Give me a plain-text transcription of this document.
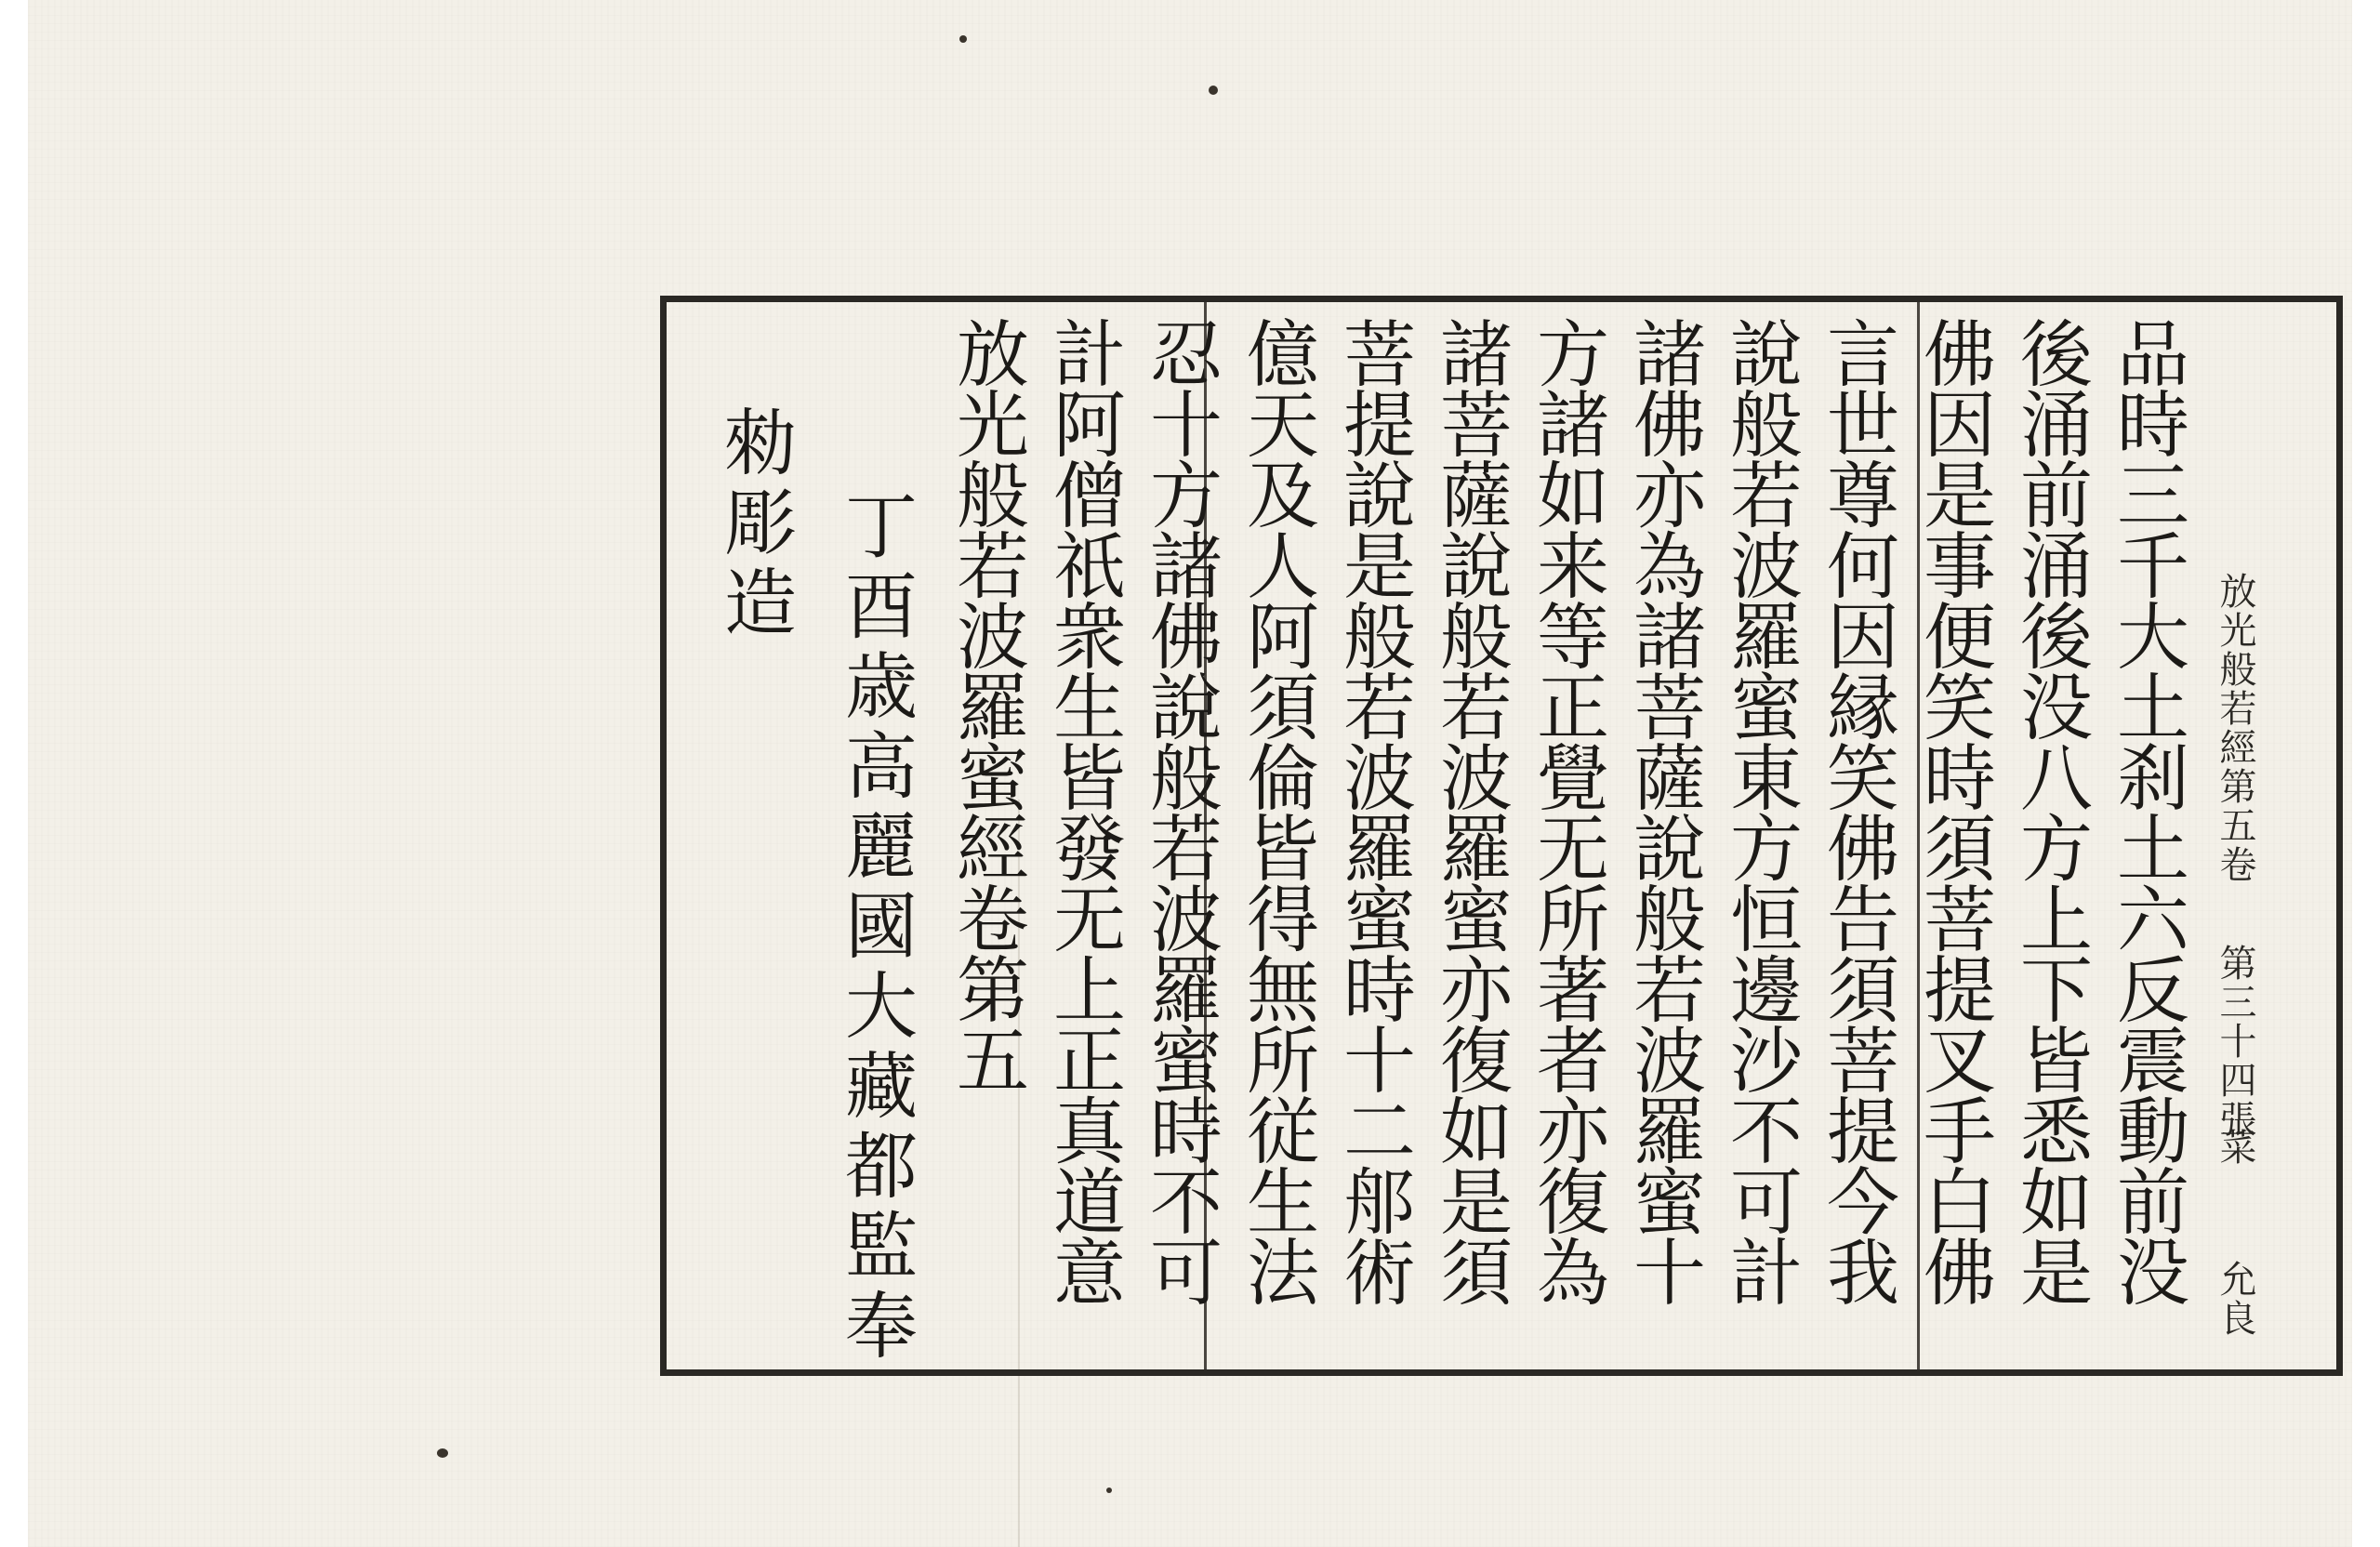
放光般若經第五卷
第三十四張
菜
允良
品時三千大土刹土六反震動前没
後涌前涌後没八方上下皆悉如是
佛因是事便笑時須菩提叉手白佛
言世尊何因縁笑佛告須菩提今我
說般若波羅蜜東方恒邊沙不可計
諸佛亦為諸菩薩說般若波羅蜜十
方諸如来等正覺无所著者亦復為
諸菩薩說般若波羅蜜亦復如是須
菩提說是般若波羅蜜時十二郍術
億天及人阿須倫皆得無所従生法
忍十方諸佛說般若波羅蜜時不可
計阿僧祇衆生皆發无上正真道意
放光般若波羅蜜經卷第五
丁酉歳高麗國大藏都監奉
勑彫造
